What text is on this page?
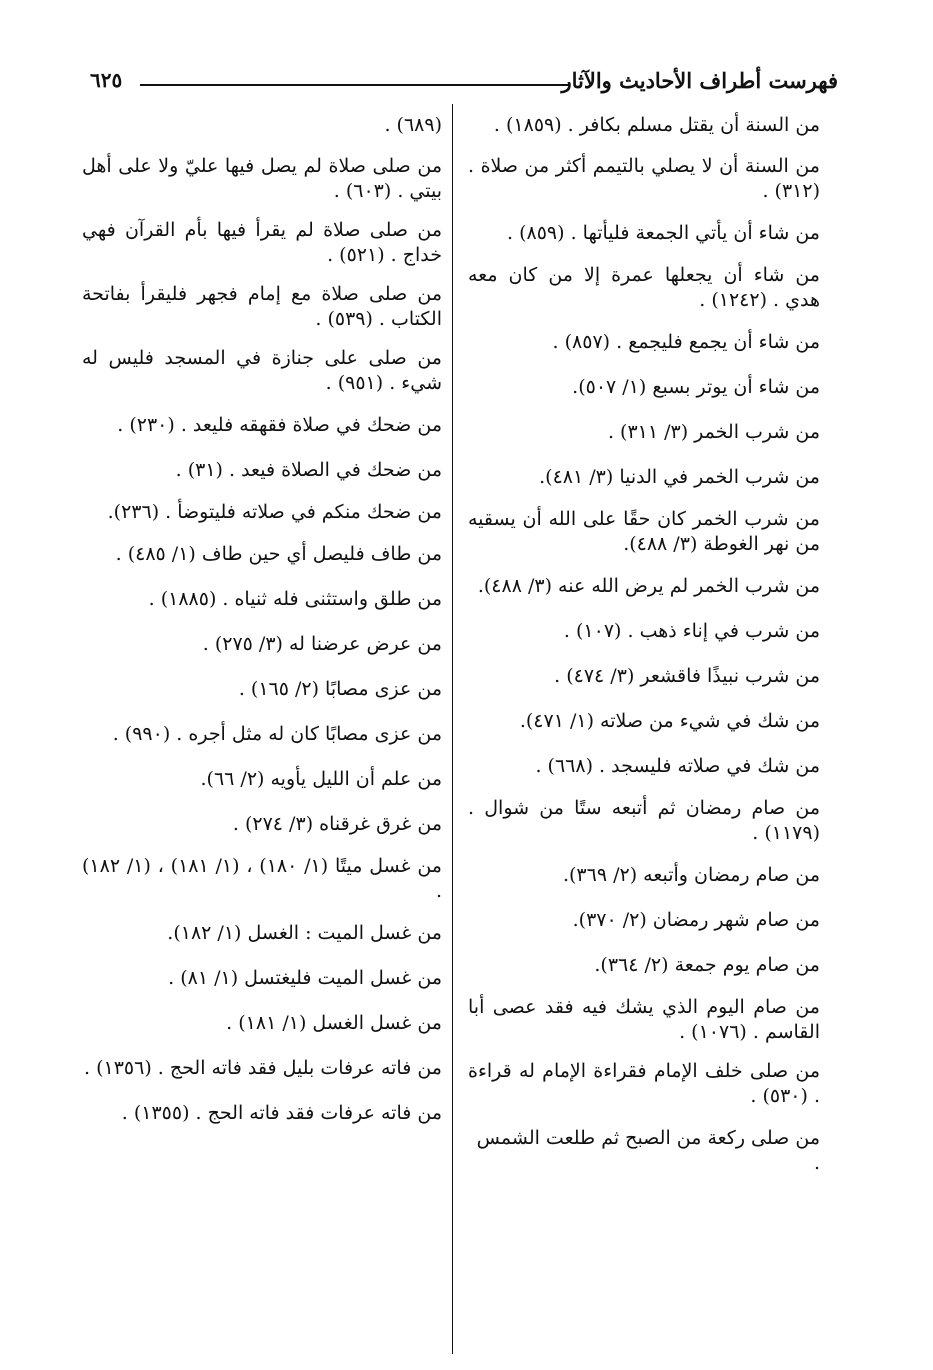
فهرست أطراف الأحاديث والآثار
٦٢٥

من السنة أن يقتل مسلم بكافر . (١٨٥٩) .

من السنة أن لا يصلي بالتيمم أكثر من صلاة . (٣١٢) .

من شاء أن يأتي الجمعة فليأتها . (٨٥٩) .

من شاء أن يجعلها عمرة إلا من كان معه هدي . (١٢٤٢) .

من شاء أن يجمع فليجمع . (٨٥٧) .

من شاء أن يوتر بسبع (١/ ٥٠٧).

من شرب الخمر (٣/ ٣١١) .

من شرب الخمر في الدنيا (٣/ ٤٨١).

من شرب الخمر كان حقًا على الله أن يسقيه من نهر الغوطة (٣/ ٤٨٨).

من شرب الخمر لم يرض الله عنه (٣/ ٤٨٨).

من شرب في إناء ذهب . (١٠٧) .

من شرب نبيذًا فاقشعر (٣/ ٤٧٤) .

من شك في شيء من صلاته (١/ ٤٧١).

من شك في صلاته فليسجد . (٦٦٨) .

من صام رمضان ثم أتبعه ستًا من شوال . (١١٧٩) .

من صام رمضان وأتبعه (٢/ ٣٦٩).

من صام شهر رمضان (٢/ ٣٧٠).

من صام يوم جمعة (٢/ ٣٦٤).

من صام اليوم الذي يشك فيه فقد عصى أبا القاسم . (١٠٧٦) .

من صلى خلف الإمام فقراءة الإمام له قراءة . (٥٣٠) .

من صلى ركعة من الصبح ثم طلعت الشمس .

(٦٨٩) .

من صلى صلاة لم يصل فيها عليّ ولا على أهل بيتي . (٦٠٣) .

من صلى صلاة لم يقرأ فيها بأم القرآن فهي خداج . (٥٢١) .

من صلى صلاة مع إمام فجهر فليقرأ بفاتحة الكتاب . (٥٣٩) .

من صلى على جنازة في المسجد فليس له شيء . (٩٥١) .

من ضحك في صلاة فقهقه فليعد . (٢٣٠) .

من ضحك في الصلاة فيعد . (٣١) .

من ضحك منكم في صلاته فليتوضأ . (٢٣٦).

من طاف فليصل أي حين طاف (١/ ٤٨٥) .

من طلق واستثنى فله ثنياه . (١٨٨٥) .

من عرض عرضنا له (٣/ ٢٧٥) .

من عزى مصابًا (٢/ ١٦٥) .

من عزى مصابًا كان له مثل أجره . (٩٩٠) .

من علم أن الليل يأويه (٢/ ٦٦).

من غرق غرقناه (٣/ ٢٧٤) .

من غسل ميتًا (١/ ١٨٠) ، (١/ ١٨١) ، (١/ ١٨٢) .

من غسل الميت : الغسل (١/ ١٨٢).

من غسل الميت فليغتسل (١/ ٨١) .

من غسل الغسل (١/ ١٨١) .

من فاته عرفات بليل فقد فاته الحج . (١٣٥٦) .

من فاته عرفات فقد فاته الحج . (١٣٥٥) .
